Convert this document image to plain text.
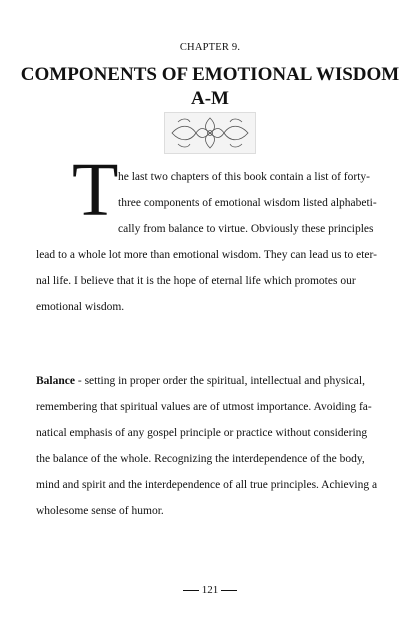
CHAPTER 9.
COMPONENTS OF EMOTIONAL WISDOM
A-M
T he last two chapters of this book contain a list of forty-
three components of emotional wisdom listed alphabeti-
cally from balance to virtue. Obviously these principles
lead to a whole lot more than emotional wisdom. They can lead us to eter-
nal life. I believe that it is the hope of eternal life which promotes our
emotional wisdom.
Balance - setting in proper order the spiritual, intellectual and physical,
remembering that spiritual values are of utmost importance. Avoiding fa-
natical emphasis of any gospel principle or practice without considering
the balance of the whole. Recognizing the interdependence of the body,
mind and spirit and the interdependence of all true principles. Achieving a
wholesome sense of humor.
121
